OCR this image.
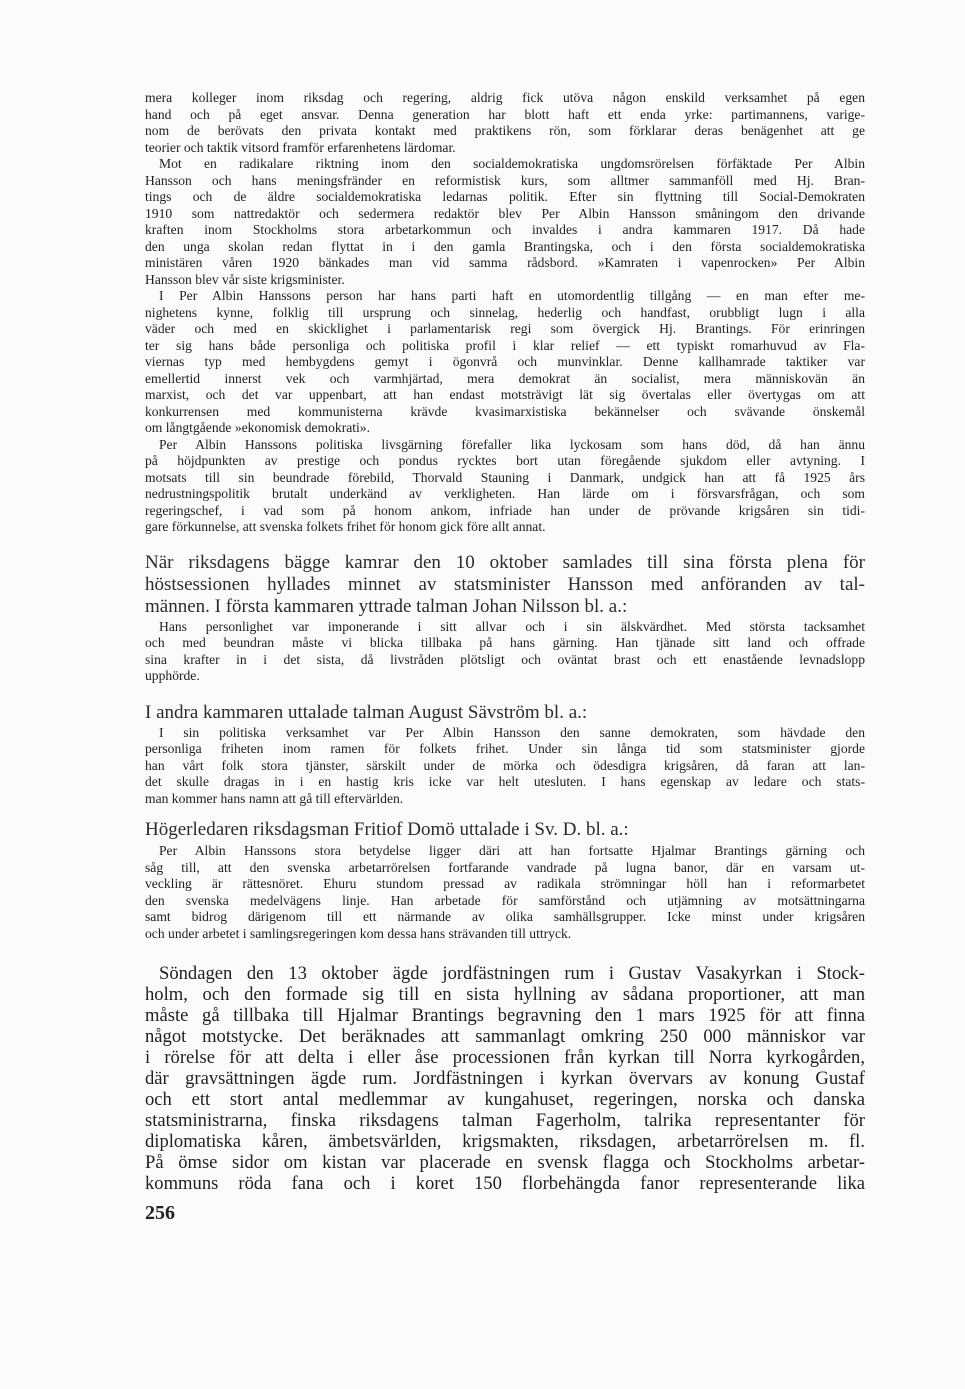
mera kolleger inom riksdag och regering, aldrig fick utöva någon enskild verksamhet på egen
hand och på eget ansvar. Denna generation har blott haft ett enda yrke: partimannens, varige-
nom de berövats den privata kontakt med praktikens rön, som förklarar deras benägenhet att ge
teorier och taktik vitsord framför erfarenhetens lärdomar.
Mot en radikalare riktning inom den socialdemokratiska ungdomsrörelsen förfäktade Per Albin
Hansson och hans meningsfränder en reformistisk kurs, som alltmer sammanföll med Hj. Bran-
tings och de äldre socialdemokratiska ledarnas politik. Efter sin flyttning till Social-Demokraten
1910 som nattredaktör och sedermera redaktör blev Per Albin Hansson småningom den drivande
kraften inom Stockholms stora arbetarkommun och invaldes i andra kammaren 1917. Då hade
den unga skolan redan flyttat in i den gamla Brantingska, och i den första socialdemokratiska
ministären våren 1920 bänkades man vid samma rådsbord. »Kamraten i vapenrocken» Per Albin
Hansson blev vår siste krigsminister.
I Per Albin Hanssons person har hans parti haft en utomordentlig tillgång — en man efter me-
nighetens kynne, folklig till ursprung och sinnelag, hederlig och handfast, orubbligt lugn i alla
väder och med en skicklighet i parlamentarisk regi som övergick Hj. Brantings. För erinringen
ter sig hans både personliga och politiska profil i klar relief — ett typiskt romarhuvud av Fla-
viernas typ med hembygdens gemyt i ögonvrå och munvinklar. Denne kallhamrade taktiker var
emellertid innerst vek och varmhjärtad, mera demokrat än socialist, mera människovän än
marxist, och det var uppenbart, att han endast motsträvigt lät sig övertalas eller övertygas om att
konkurrensen med kommunisterna krävde kvasimarxistiska bekännelser och svävande önskemål
om långtgående »ekonomisk demokrati».
Per Albin Hanssons politiska livsgärning förefaller lika lyckosam som hans död, då han ännu
på höjdpunkten av prestige och pondus rycktes bort utan föregående sjukdom eller avtyning. I
motsats till sin beundrade förebild, Thorvald Stauning i Danmark, undgick han att få 1925 års
nedrustningspolitik brutalt underkänd av verkligheten. Han lärde om i försvarsfrågan, och som
regeringschef, i vad som på honom ankom, infriade han under de prövande krigsåren sin tidi-
gare förkunnelse, att svenska folkets frihet för honom gick före allt annat.
När riksdagens bägge kamrar den 10 oktober samlades till sina första plena för
höstsessionen hyllades minnet av statsminister Hansson med anföranden av tal-
männen. I första kammaren yttrade talman Johan Nilsson bl. a.:
Hans personlighet var imponerande i sitt allvar och i sin älskvärdhet. Med största tacksamhet
och med beundran måste vi blicka tillbaka på hans gärning. Han tjänade sitt land och offrade
sina krafter in i det sista, då livstråden plötsligt och oväntat brast och ett enastående levnadslopp
upphörde.
I andra kammaren uttalade talman August Sävström bl. a.:
I sin politiska verksamhet var Per Albin Hansson den sanne demokraten, som hävdade den
personliga friheten inom ramen för folkets frihet. Under sin långa tid som statsminister gjorde
han vårt folk stora tjänster, särskilt under de mörka och ödesdigra krigsåren, då faran att lan-
det skulle dragas in i en hastig kris icke var helt utesluten. I hans egenskap av ledare och stats-
man kommer hans namn att gå till eftervärlden.
Högerledaren riksdagsman Fritiof Domö uttalade i Sv. D. bl. a.:
Per Albin Hanssons stora betydelse ligger däri att han fortsatte Hjalmar Brantings gärning och
såg till, att den svenska arbetarrörelsen fortfarande vandrade på lugna banor, där en varsam ut-
veckling är rättesnöret. Ehuru stundom pressad av radikala strömningar höll han i reformarbetet
den svenska medelvägens linje. Han arbetade för samförstånd och utjämning av motsättningarna
samt bidrog därigenom till ett närmande av olika samhällsgrupper. Icke minst under krigsåren
och under arbetet i samlingsregeringen kom dessa hans strävanden till uttryck.
Söndagen den 13 oktober ägde jordfästningen rum i Gustav Vasakyrkan i Stock-
holm, och den formade sig till en sista hyllning av sådana proportioner, att man
måste gå tillbaka till Hjalmar Brantings begravning den 1 mars 1925 för att finna
något motstycke. Det beräknades att sammanlagt omkring 250 000 människor var
i rörelse för att delta i eller åse processionen från kyrkan till Norra kyrkogården,
där gravsättningen ägde rum. Jordfästningen i kyrkan övervars av konung Gustaf
och ett stort antal medlemmar av kungahuset, regeringen, norska och danska
statsministrarna, finska riksdagens talman Fagerholm, talrika representanter för
diplomatiska kåren, ämbetsvärlden, krigsmakten, riksdagen, arbetarrörelsen m. fl.
På ömse sidor om kistan var placerade en svensk flagga och Stockholms arbetar-
kommuns röda fana och i koret 150 florbehängda fanor representerande lika
256
